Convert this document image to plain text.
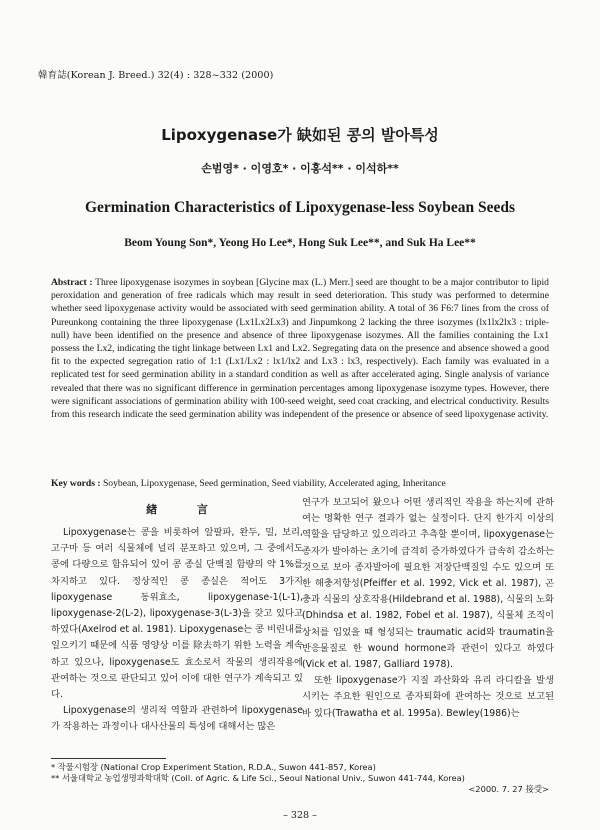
韓育誌(Korean J. Breed.) 32(4) : 328~332 (2000)
Lipoxygenase가 缺如된 콩의 발아특성
손범영* · 이영호* · 이홍석** · 이석하**
Germination Characteristics of Lipoxygenase-less Soybean Seeds
Beom Young Son*, Yeong Ho Lee*, Hong Suk Lee**, and Suk Ha Lee**

Abstract : Three lipoxygenase isozymes in soybean [Glycine max (L.) Merr.] seed are thought to be a major contributor to lipid peroxidation and generation of free radicals which may result in seed deterioration. This study was performed to determine whether seed lipoxygenase activity would be associated with seed germination ability. A total of 36 F6:7 lines from the cross of Pureunkong containing the three lipoxygenase (Lx1Lx2Lx3) and Jinpumkong 2 lacking the three isozymes (lx1lx2lx3 : triple-null) have been identified on the presence and absence of three lipoxygenase isozymes. All the families containing the Lx1 possess the Lx2, indicating the tight linkage between Lx1 and Lx2. Segregating data on the presence and absence showed a good fit to the expected segregation ratio of 1:1 (Lx1/Lx2 : lx1/lx2 and Lx3 : lx3, respectively). Each family was evaluated in a replicated test for seed germination ability in a standard condition as well as after accelerated aging. Single analysis of variance revealed that there was no significant difference in germination percentages among lipoxygenase isozyme types. However, there were significant associations of germination ability with 100-seed weight, seed coat cracking, and electrical conductivity. Results from this research indicate the seed germination ability was independent of the presence or absence of seed lipoxygenase activity.

Key words : Soybean, Lipoxygenase, Seed germination, Seed viability, Accelerated aging, Inheritance
緖 言

Lipoxygenase는 콩을 비롯하여 알팔파, 완두, 밀, 보리, 고구마 등 여러 식물체에 널리 분포하고 있으며, 그 중에서도 콩에 다량으로 함유되어 있어 콩 종실 단백질 함량의 약 1%를 차지하고 있다. 정상적인 콩 종실은 적어도 3가지 lipoxygenase 동위효소, lipoxygenase-1(L-1), lipoxygenase-2(L-2), lipoxygenase-3(L-3)을 갖고 있다고 하였다(Axelrod et al. 1981). Lipoxygenase는 콩 비린내를 일으키기 때문에 식품 영양상 이를 除去하기 위한 노력을 계속하고 있으나, lipoxygenase도 효소로서 작물의 생리작용에 관여하는 것으로 판단되고 있어 이에 대한 연구가 계속되고 있다.

Lipoxygenase의 생리적 역할과 관련하여 lipoxygenase가 작용하는 과정이나 대사산물의 특성에 대해서는 많은

연구가 보고되어 왔으나 어떤 생리적인 작용을 하는지에 관하여는 명확한 연구 결과가 없는 실정이다. 단지 한가지 이상의 역할을 담당하고 있으리라고 추측할 뿐이며, lipoxygenase는 종자가 발아하는 초기에 급격히 증가하였다가 급속히 감소하는 것으로 보아 종자발아에 필요한 저장단백질일 수도 있으며 또한 해충저항성(Pfeiffer et al. 1992, Vick et al. 1987), 곤충과 식물의 상호작용(Hildebrand et al. 1988), 식물의 노화(Dhindsa et al. 1982, Fobel et al. 1987), 식물체 조직이 상처를 입었을 때 형성되는 traumatic acid와 traumatin을 반응물질로 한 wound hormone과 관련이 있다고 하였다(Vick et al. 1987, Galliard 1978).

또한 lipoxygenase가 지질 과산화와 유리 라디칼을 발생시키는 주요한 원인으로 종자퇴화에 관여하는 것으로 보고된 바 있다(Trawatha et al. 1995a). Bewley(1986)는

* 작물시험장 (National Crop Experiment Station, R.D.A., Suwon 441-857, Korea)
** 서울대학교 농업생명과학대학 (Coll. of Agric. & Life Sci., Seoul National Univ., Suwon 441-744, Korea)
<2000. 7. 27 接受>
– 328 –
